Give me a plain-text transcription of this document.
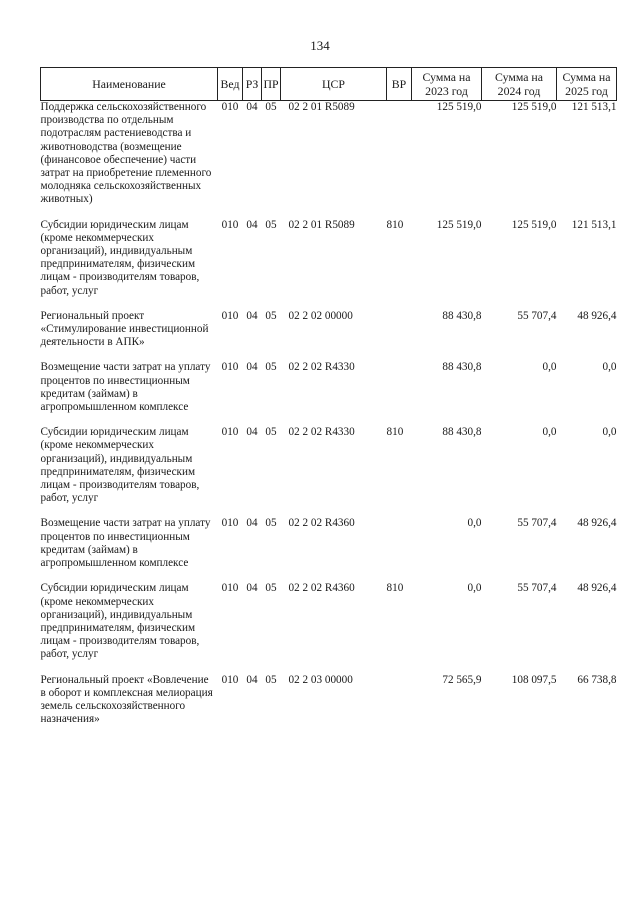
134
Наименование	Вед	РЗ	ПР	ЦСР	ВР	Сумма на 2023 год	Сумма на 2024 год	Сумма на 2025 год
Поддержка сельскохозяйственного производства по отдельным подотраслям растениеводства и животноводства (возмещение (финансовое обеспечение) части затрат на приобретение племенного молодняка сельскохозяйственных животных)	010	04	05	02 2 01 R5089		125 519,0	125 519,0	121 513,1
Субсидии юридическим лицам (кроме некоммерческих организаций), индивидуальным предпринимателям, физическим лицам - производителям товаров, работ, услуг	010	04	05	02 2 01 R5089	810	125 519,0	125 519,0	121 513,1
Региональный проект «Стимулирование инвестиционной деятельности в АПК»	010	04	05	02 2 02 00000		88 430,8	55 707,4	48 926,4
Возмещение части затрат на уплату процентов по инвестиционным кредитам (займам) в агропромышленном комплексе	010	04	05	02 2 02 R4330		88 430,8	0,0	0,0
Субсидии юридическим лицам (кроме некоммерческих организаций), индивидуальным предпринимателям, физическим лицам - производителям товаров, работ, услуг	010	04	05	02 2 02 R4330	810	88 430,8	0,0	0,0
Возмещение части затрат на уплату процентов по инвестиционным кредитам (займам) в агропромышленном комплексе	010	04	05	02 2 02 R4360		0,0	55 707,4	48 926,4
Субсидии юридическим лицам (кроме некоммерческих организаций), индивидуальным предпринимателям, физическим лицам - производителям товаров, работ, услуг	010	04	05	02 2 02 R4360	810	0,0	55 707,4	48 926,4
Региональный проект «Вовлечение в оборот и комплексная мелиорация земель сельскохозяйственного назначения»	010	04	05	02 2 03 00000		72 565,9	108 097,5	66 738,8
